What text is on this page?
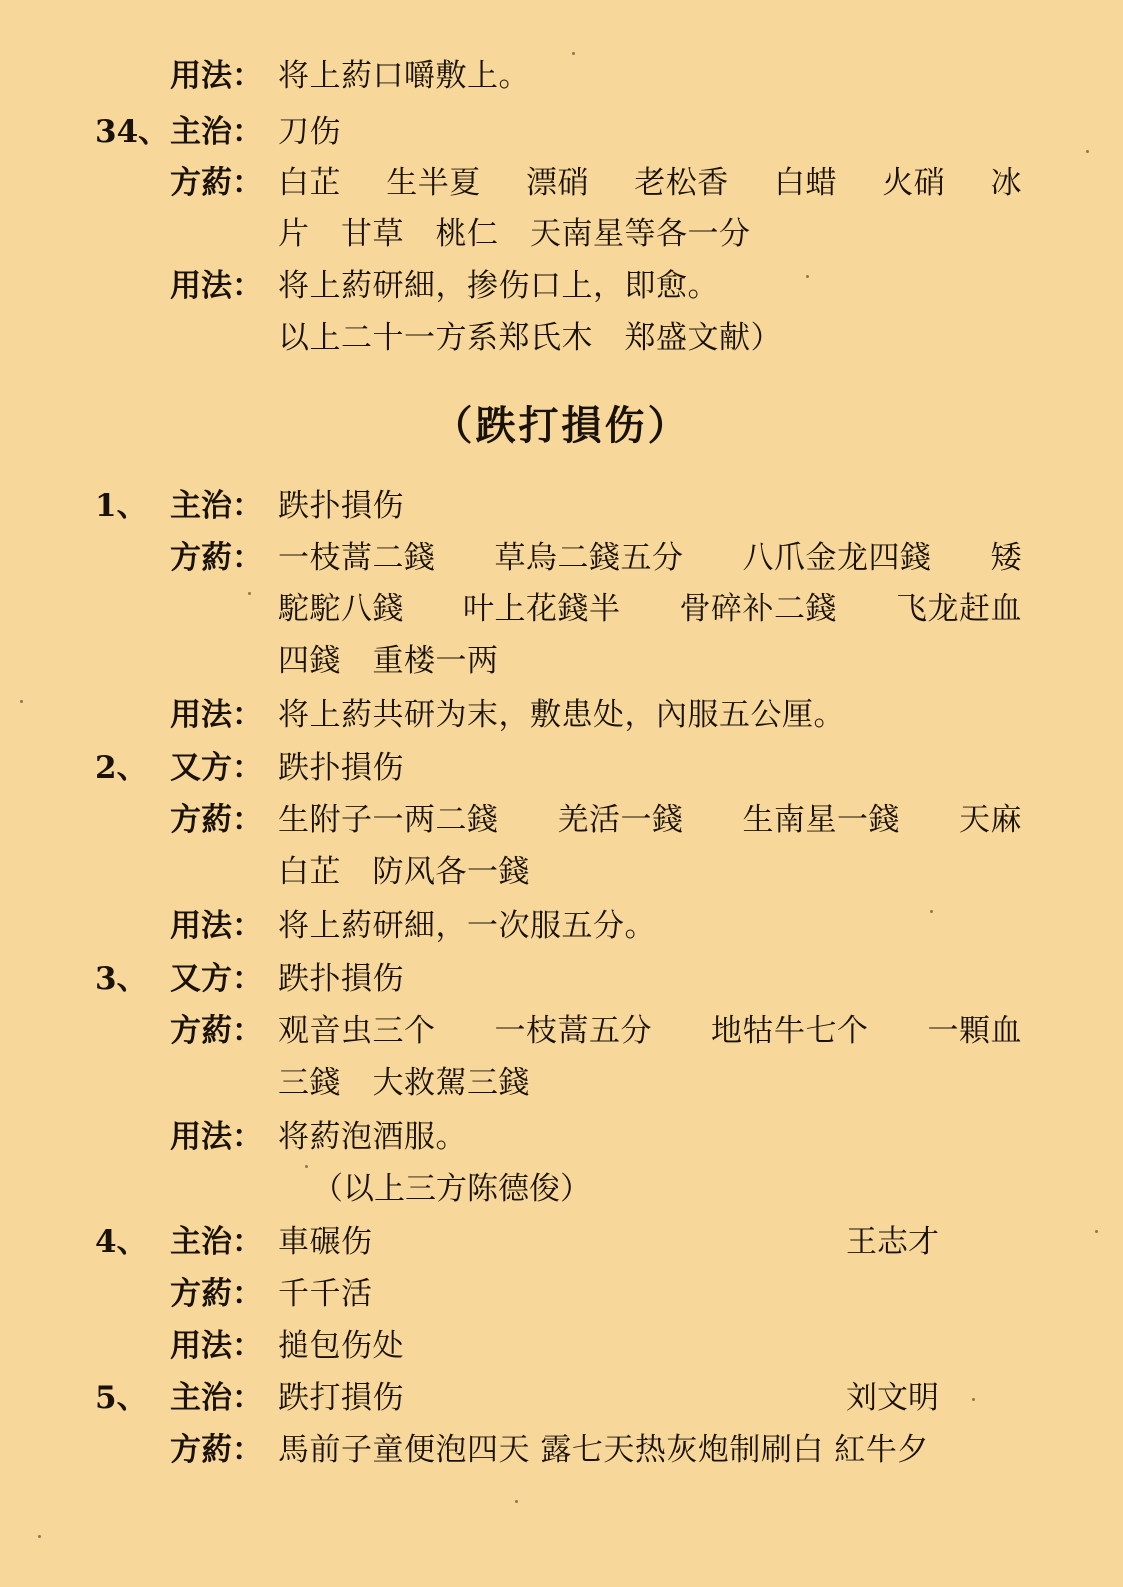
用法： 将上葯口嚼敷上。
34、 主治： 刀伤
方葯： 白芷 生半夏 漂硝 老松香 白蜡 火硝 冰
片　甘草　桃仁　天南星等各一分
用法： 将上葯研細，掺伤口上，即愈。
以上二十一方系郑氏木　郑盛文献）
（跌打損伤）
1、 主治： 跌扑損伤
方葯： 一枝蒿二錢 草烏二錢五分 八爪金龙四錢 矮
駝駝八錢 叶上花錢半 骨碎补二錢 飞龙赶血
四錢　重楼一两
用法： 将上葯共研为末，敷患处，內服五公厘。
2、 又方： 跌扑損伤
方葯： 生附子一两二錢 羌活一錢 生南星一錢 天麻
白芷　防风各一錢
用法： 将上葯研細，一次服五分。
3、 又方： 跌扑損伤
方葯： 观音虫三个 一枝蒿五分 地牯牛七个 一顆血
三錢　大救駕三錢
用法： 将葯泡酒服。
（以上三方陈德俊）
4、 主治： 車碾伤	王志才
方葯： 千千活
用法： 搥包伤处
5、 主治： 跌打損伤	刘文明
方葯： 馬前子童便泡四天 露七天热灰炮制刷白 紅牛夕
